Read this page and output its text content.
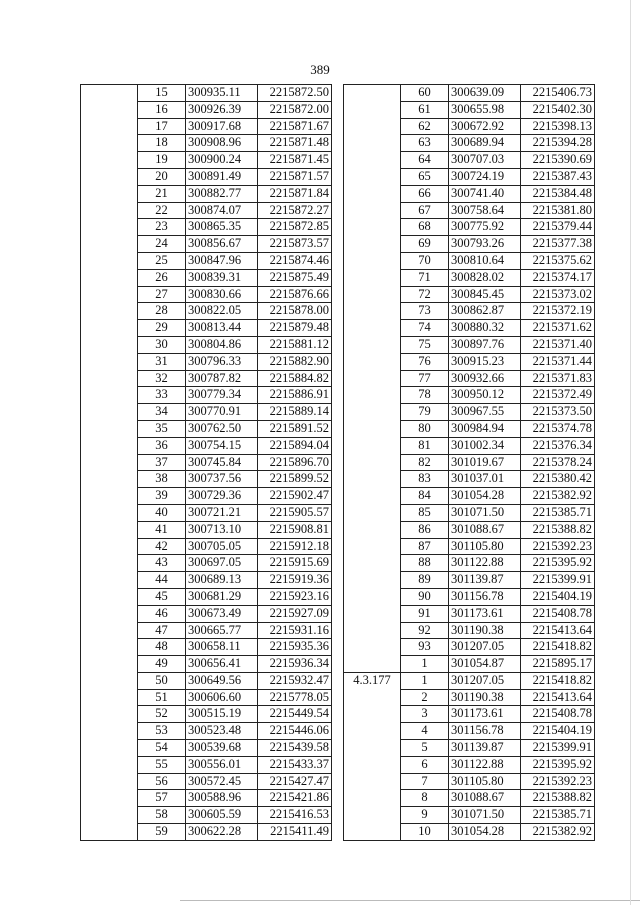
389
	15	300935.11	2215872.50
	16	300926.39	2215872.00
	17	300917.68	2215871.67
	18	300908.96	2215871.48
	19	300900.24	2215871.45
	20	300891.49	2215871.57
	21	300882.77	2215871.84
	22	300874.07	2215872.27
	23	300865.35	2215872.85
	24	300856.67	2215873.57
	25	300847.96	2215874.46
	26	300839.31	2215875.49
	27	300830.66	2215876.66
	28	300822.05	2215878.00
	29	300813.44	2215879.48
	30	300804.86	2215881.12
	31	300796.33	2215882.90
	32	300787.82	2215884.82
	33	300779.34	2215886.91
	34	300770.91	2215889.14
	35	300762.50	2215891.52
	36	300754.15	2215894.04
	37	300745.84	2215896.70
	38	300737.56	2215899.52
	39	300729.36	2215902.47
	40	300721.21	2215905.57
	41	300713.10	2215908.81
	42	300705.05	2215912.18
	43	300697.05	2215915.69
	44	300689.13	2215919.36
	45	300681.29	2215923.16
	46	300673.49	2215927.09
	47	300665.77	2215931.16
	48	300658.11	2215935.36
	49	300656.41	2215936.34
	50	300649.56	2215932.47
	51	300606.60	2215778.05
	52	300515.19	2215449.54
	53	300523.48	2215446.06
	54	300539.68	2215439.58
	55	300556.01	2215433.37
	56	300572.45	2215427.47
	57	300588.96	2215421.86
	58	300605.59	2215416.53
	59	300622.28	2215411.49
	60	300639.09	2215406.73
	61	300655.98	2215402.30
	62	300672.92	2215398.13
	63	300689.94	2215394.28
	64	300707.03	2215390.69
	65	300724.19	2215387.43
	66	300741.40	2215384.48
	67	300758.64	2215381.80
	68	300775.92	2215379.44
	69	300793.26	2215377.38
	70	300810.64	2215375.62
	71	300828.02	2215374.17
	72	300845.45	2215373.02
	73	300862.87	2215372.19
	74	300880.32	2215371.62
	75	300897.76	2215371.40
	76	300915.23	2215371.44
	77	300932.66	2215371.83
	78	300950.12	2215372.49
	79	300967.55	2215373.50
	80	300984.94	2215374.78
	81	301002.34	2215376.34
	82	301019.67	2215378.24
	83	301037.01	2215380.42
	84	301054.28	2215382.92
	85	301071.50	2215385.71
	86	301088.67	2215388.82
	87	301105.80	2215392.23
	88	301122.88	2215395.92
	89	301139.87	2215399.91
	90	301156.78	2215404.19
	91	301173.61	2215408.78
	92	301190.38	2215413.64
	93	301207.05	2215418.82
	1	301054.87	2215895.17
4.3.177	1	301207.05	2215418.82
	2	301190.38	2215413.64
	3	301173.61	2215408.78
	4	301156.78	2215404.19
	5	301139.87	2215399.91
	6	301122.88	2215395.92
	7	301105.80	2215392.23
	8	301088.67	2215388.82
	9	301071.50	2215385.71
	10	301054.28	2215382.92
